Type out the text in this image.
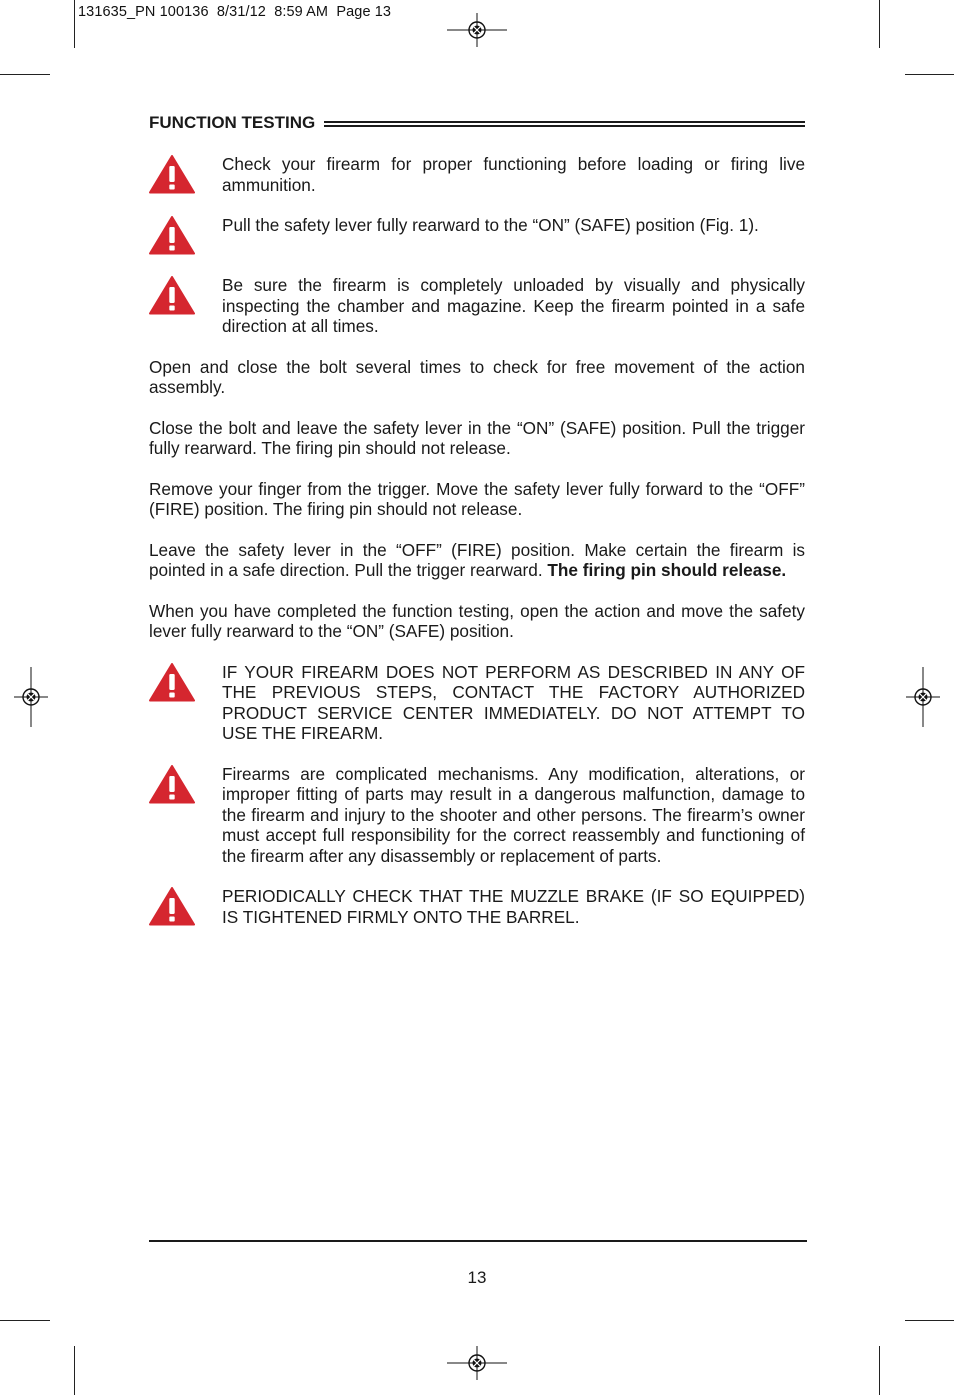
131635_PN 100136  8/31/12  8:59 AM  Page 13
FUNCTION TESTING
Check your firearm for proper functioning before loading or firing live ammunition.
Pull the safety lever fully rearward to the “ON” (SAFE) position (Fig. 1).
Be sure the firearm is completely unloaded by visually and physically inspecting the chamber and magazine. Keep the firearm pointed in a safe direction at all times.

Open and close the bolt several times to check for free movement of the action assembly.

Close the bolt and leave the safety lever in the “ON” (SAFE) position. Pull the trigger fully rearward. The firing pin should not release.

Remove your finger from the trigger. Move the safety lever fully forward to the “OFF” (FIRE) position. The firing pin should not release.

Leave the safety lever in the “OFF” (FIRE) position. Make certain the firearm is pointed in a safe direction. Pull the trigger rearward. The firing pin should release.

When you have completed the function testing, open the action and move the safety lever fully rearward to the “ON” (SAFE) position.

IF YOUR FIREARM DOES NOT PERFORM AS DESCRIBED IN ANY OF THE PREVIOUS STEPS, CONTACT THE FACTORY AUTHORIZED PRODUCT SERVICE CENTER IMMEDIATELY. DO NOT ATTEMPT TO USE THE FIREARM.
Firearms are complicated mechanisms. Any modification, alterations, or improper fitting of parts may result in a dangerous malfunction, damage to the firearm and injury to the shooter and other persons. The firearm’s owner must accept full responsibility for the correct reassembly and functioning of the firearm after any disassembly or replacement of parts.
PERIODICALLY CHECK THAT THE MUZZLE BRAKE (IF SO EQUIPPED) IS TIGHTENED FIRMLY ONTO THE BARREL.
13
